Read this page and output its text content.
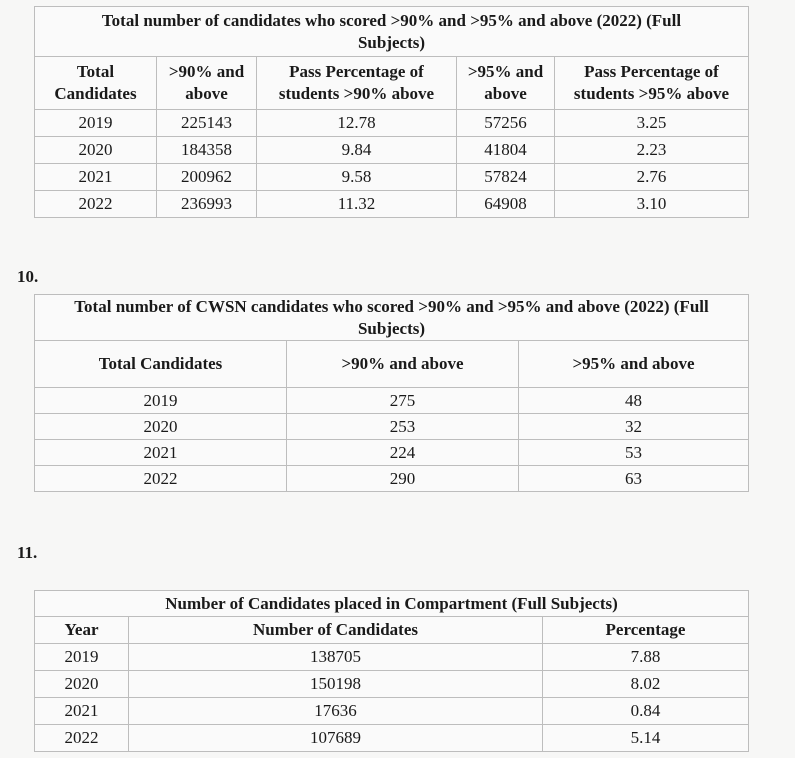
Total number of candidates who scored >90% and >95% and above (2022) (Full Subjects)				
Total Candidates	>90% and above	Pass Percentage of students >90% above	>95% and above	Pass Percentage of students >95% above
2019	225143	12.78	57256	3.25
2020	184358	9.84	41804	2.23
2021	200962	9.58	57824	2.76
2022	236993	11.32	64908	3.10
10.
Total number of CWSN candidates who scored >90% and >95% and above (2022) (Full Subjects)		
Total Candidates	>90% and above	>95% and above
2019	275	48
2020	253	32
2021	224	53
2022	290	63
11.
Number of Candidates placed in Compartment (Full Subjects)		
Year	Number of Candidates	Percentage
2019	138705	7.88
2020	150198	8.02
2021	17636	0.84
2022	107689	5.14
